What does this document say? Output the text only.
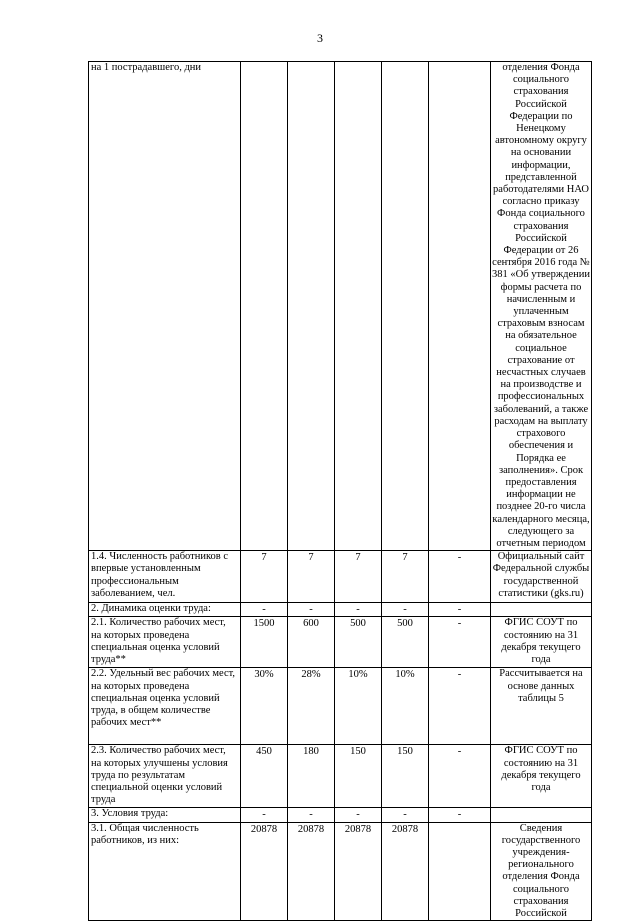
3
на 1 пострадавшего, дни						отделения Фонда социального страхования Российской Федерации по Ненецкому автономному округу на основании информации, представленной работодателями НАО согласно приказу Фонда социального страхования Российской Федерации от 26 сентября 2016 года № 381 «Об утверждении формы расчета по начисленным и уплаченным страховым взносам на обязательное социальное страхование от несчастных случаев на производстве и профессиональных заболеваний, а также расходам на выплату страхового обеспечения и Порядка ее заполнения». Срок предоставления информации не позднее 20-го числа календарного месяца, следующего за отчетным периодом
1.4. Численность работников с впервые установленным профессиональным заболеванием, чел.	7	7	7	7	-	Официальный сайт Федеральной службы государственной статистики (gks.ru)
2. Динамика оценки труда:	-	-	-	-	-	
2.1. Количество рабочих мест, на которых проведена специальная оценка условий труда**	1500	600	500	500	-	ФГИС СОУТ по состоянию на 31 декабря текущего года
2.2. Удельный вес рабочих мест, на которых проведена специальная оценка условий труда, в общем количестве рабочих мест**	30%	28%	10%	10%	-	Рассчитывается на основе данных таблицы 5
2.3. Количество рабочих мест, на которых улучшены условия труда по результатам специальной оценки условий труда	450	180	150	150	-	ФГИС СОУТ по состоянию на 31 декабря текущего года
3. Условия труда:	-	-	-	-	-	
3.1. Общая численность работников, из них:	20878	20878	20878	20878		Сведения государственного учреждения-регионального отделения Фонда социального страхования Российской
